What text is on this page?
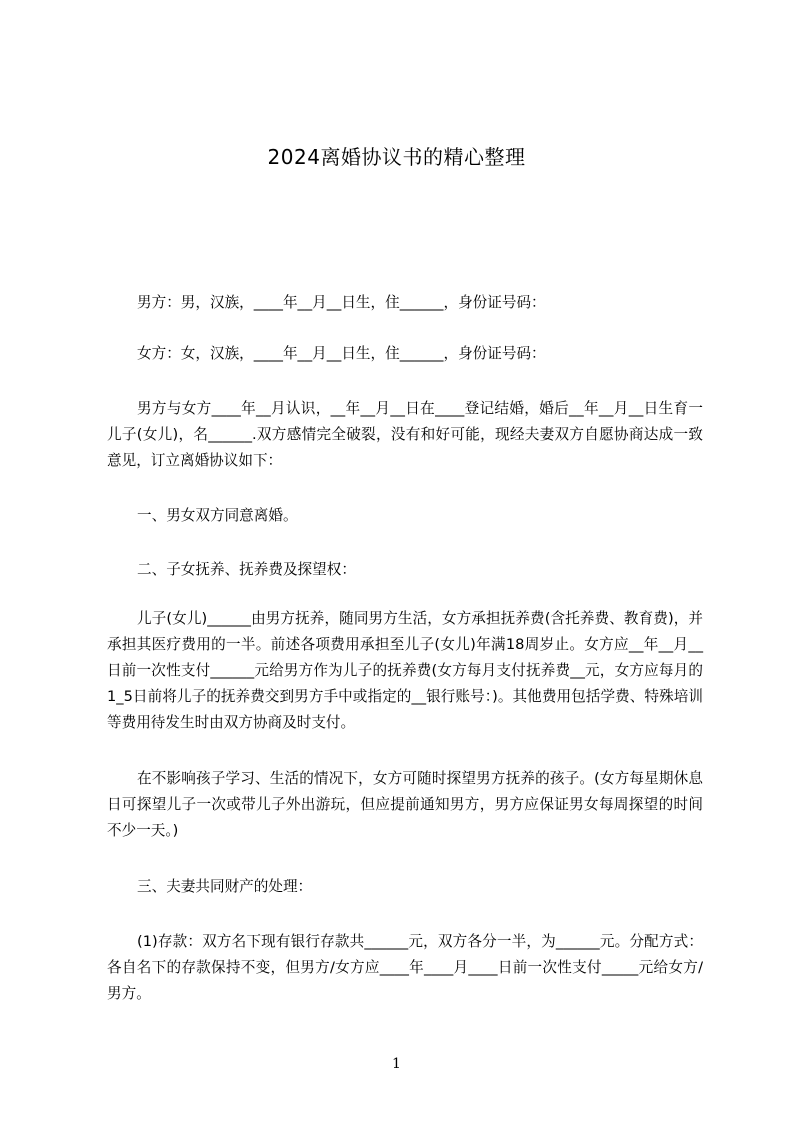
2024离婚协议书的精心整理
男方：男，汉族，____年__月__日生，住______，身份证号码：
女方：女，汉族，____年__月__日生，住______，身份证号码：
男方与女方____年__月认识，__年__月__日在____登记结婚，婚后__年__月__日生育一儿子(女儿)，名______.双方感情完全破裂，没有和好可能，现经夫妻双方自愿协商达成一致意见，订立离婚协议如下：
一、男女双方同意离婚。
二、子女抚养、抚养费及探望权：
儿子(女儿)______由男方抚养，随同男方生活，女方承担抚养费(含托养费、教育费)，并承担其医疗费用的一半。前述各项费用承担至儿子(女儿)年满18周岁止。女方应__年__月__日前一次性支付______元给男方作为儿子的抚养费(女方每月支付抚养费__元，女方应每月的1_5日前将儿子的抚养费交到男方手中或指定的__银行账号：)。其他费用包括学费、特殊培训等费用待发生时由双方协商及时支付。
在不影响孩子学习、生活的情况下，女方可随时探望男方抚养的孩子。(女方每星期休息日可探望儿子一次或带儿子外出游玩，但应提前通知男方，男方应保证男女每周探望的时间不少一天。)
三、夫妻共同财产的处理：
(1)存款：双方名下现有银行存款共______元，双方各分一半，为______元。分配方式：各自名下的存款保持不变，但男方/女方应____年____月____日前一次性支付_____元给女方/男方。
1
